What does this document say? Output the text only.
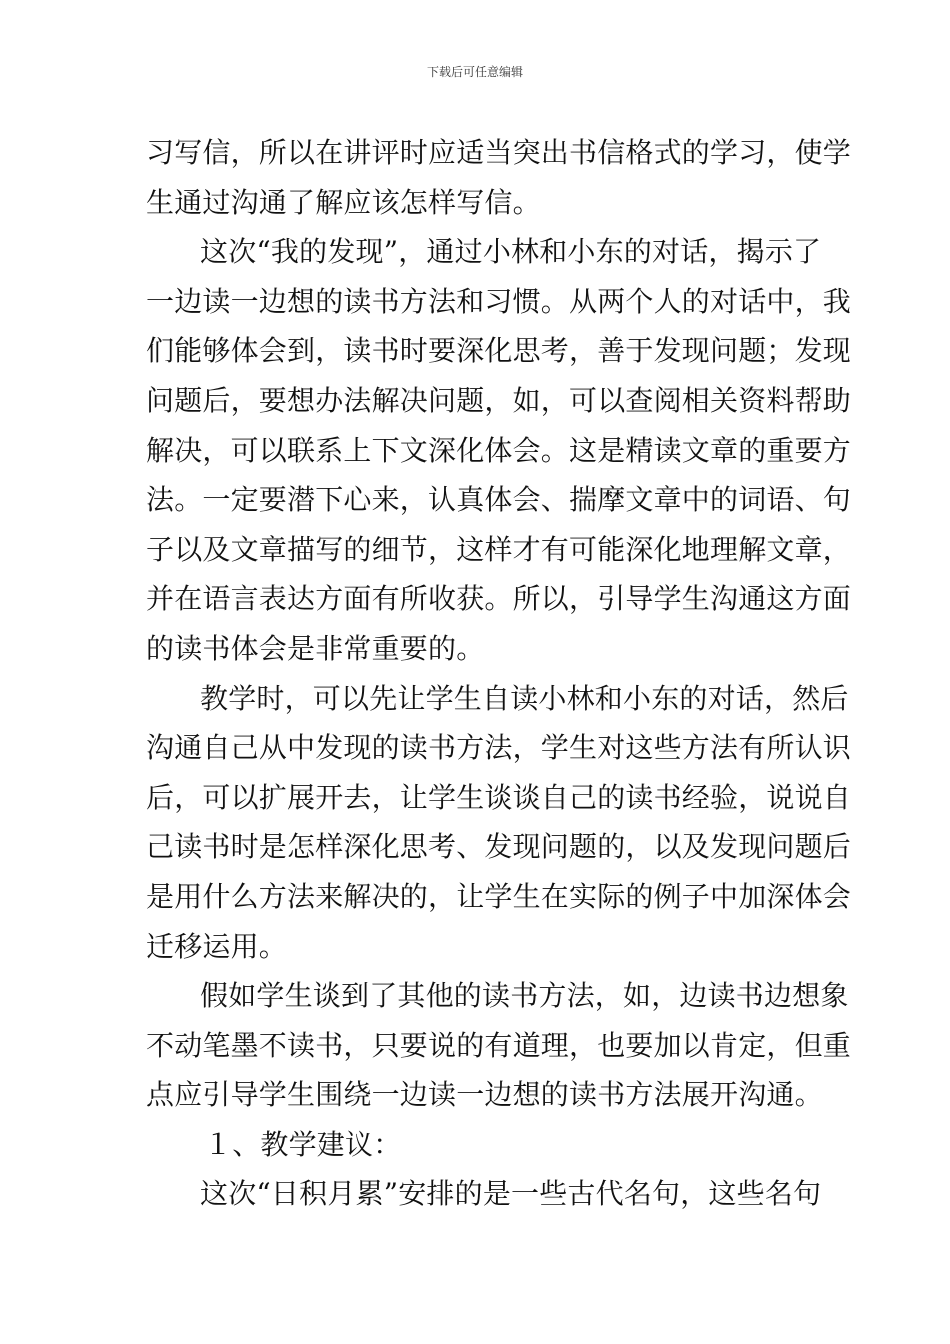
下载后可任意编辑
习写信，所以在讲评时应适当突出书信格式的学习，使学
生通过沟通了解应该怎样写信。
这次“我的发现”，通过小林和小东的对话，揭示了
一边读一边想的读书方法和习惯。从两个人的对话中，我
们能够体会到，读书时要深化思考，善于发现问题；发现
问题后，要想办法解决问题，如，可以查阅相关资料帮助
解决，可以联系上下文深化体会。这是精读文章的重要方
法。一定要潜下心来，认真体会、揣摩文章中的词语、句
子以及文章描写的细节，这样才有可能深化地理解文章，
并在语言表达方面有所收获。所以，引导学生沟通这方面
的读书体会是非常重要的。
教学时，可以先让学生自读小林和小东的对话，然后
沟通自己从中发现的读书方法，学生对这些方法有所认识
后，可以扩展开去，让学生谈谈自己的读书经验，说说自
己读书时是怎样深化思考、发现问题的，以及发现问题后
是用什么方法来解决的，让学生在实际的例子中加深体会
迁移运用。
假如学生谈到了其他的读书方法，如，边读书边想象
不动笔墨不读书，只要说的有道理，也要加以肯定，但重
点应引导学生围绕一边读一边想的读书方法展开沟通。
１、教学建议：
这次“日积月累”安排的是一些古代名句，这些名句
